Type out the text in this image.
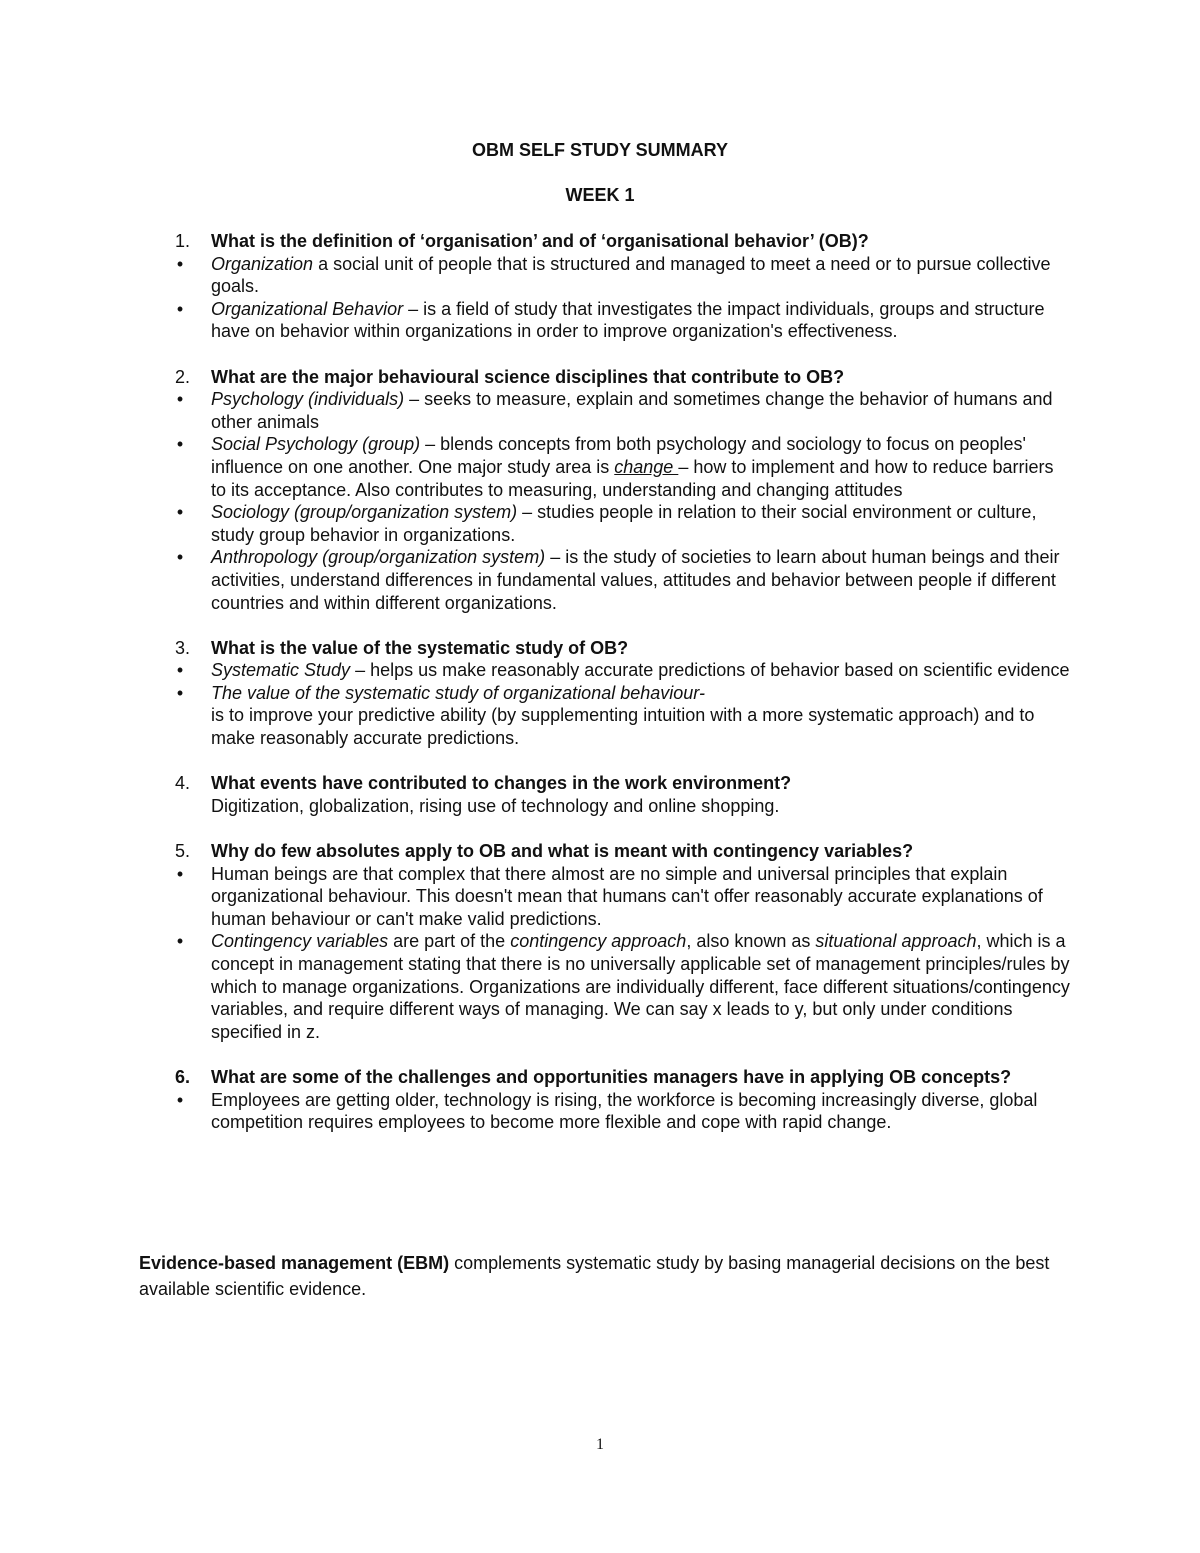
OBM SELF STUDY SUMMARY
WEEK 1
1.	What is the definition of ‘organisation’ and of ‘organisational behavior’ (OB)?
• Organization a social unit of people that is structured and managed to meet a need or to pursue collective goals.
• Organizational Behavior – is a field of study that investigates the impact individuals, groups and structure have on behavior within organizations in order to improve organization's effectiveness.
2.	What are the major behavioural science disciplines that contribute to OB?
• Psychology (individuals) – seeks to measure, explain and sometimes change the behavior of humans and other animals
• Social Psychology (group) – blends concepts from both psychology and sociology to focus on peoples' influence on one another. One major study area is change – how to implement and how to reduce barriers to its acceptance. Also contributes to measuring, understanding and changing attitudes
• Sociology (group/organization system) – studies people in relation to their social environment or culture, study group behavior in organizations.
• Anthropology (group/organization system) – is the study of societies to learn about human beings and their activities, understand differences in fundamental values, attitudes and behavior between people if different countries and within different organizations.
3.	What is the value of the systematic study of OB?
• Systematic Study – helps us make reasonably accurate predictions of behavior based on scientific evidence
• The value of the systematic study of organizational behaviour-
is to improve your predictive ability (by supplementing intuition with a more systematic approach) and to make reasonably accurate predictions.
4.	What events have contributed to changes in the work environment?
Digitization, globalization, rising use of technology and online shopping.
5.	Why do few absolutes apply to OB and what is meant with contingency variables?
• Human beings are that complex that there almost are no simple and universal principles that explain organizational behaviour. This doesn't mean that humans can't offer reasonably accurate explanations of human behaviour or can't make valid predictions.
• Contingency variables are part of the contingency approach, also known as situational approach, which is a concept in management stating that there is no universally applicable set of management principles/rules by which to manage organizations. Organizations are individually different, face different situations/contingency variables, and require different ways of managing. We can say x leads to y, but only under conditions specified in z.
6.	What are some of the challenges and opportunities managers have in applying OB concepts?
• Employees are getting older, technology is rising, the workforce is becoming increasingly diverse, global competition requires employees to become more flexible and cope with rapid change.
Evidence-based management (EBM) complements systematic study by basing managerial decisions on the best available scientific evidence.
1
